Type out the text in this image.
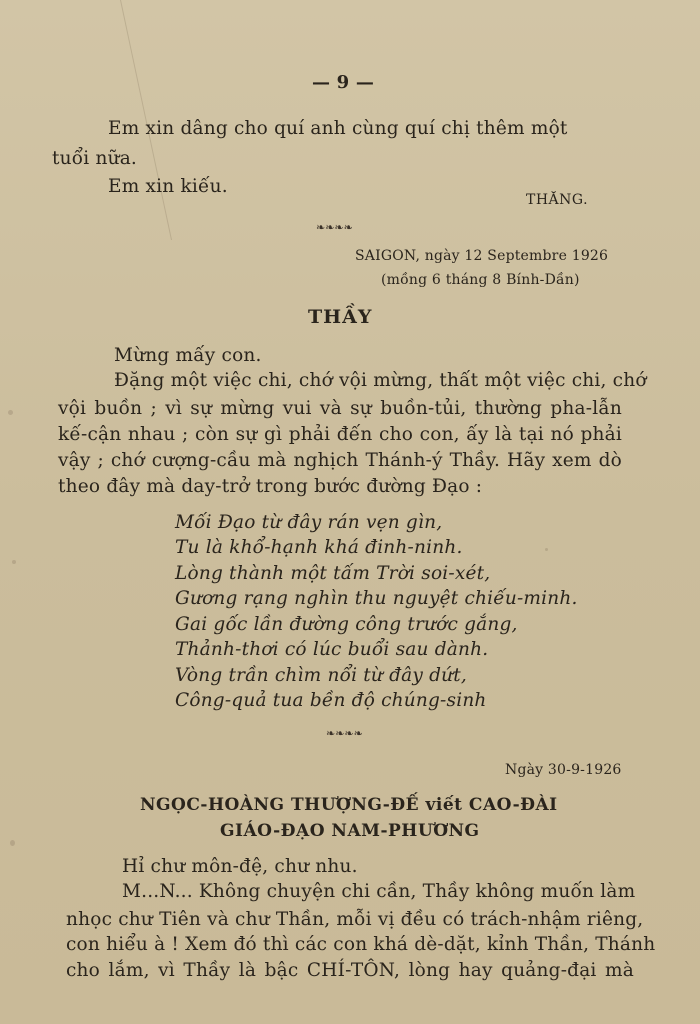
— 9 —
Em xin dâng cho quí anh cùng quí chị thêm một
tuổi nữa.
Em xin kiếu.
THĂNG.
❧❧❧❧
SAIGON, ngày 12 Septembre 1926
(mồng 6 tháng 8 Bính-Dần)
THẦY
Mừng mấy con.
Đặng một việc chi, chớ vội mừng, thất một việc chi, chớ
vội buồn ; vì sự mừng vui và sự buồn-tủi, thường pha-lẫn
kế-cận nhau ; còn sự gì phải đến cho con, ấy là tại nó phải
vậy ; chớ cượng-cầu mà nghịch Thánh-ý Thầy. Hãy xem dò
theo đây mà day-trở trong bước đường Đạo :
Mối Đạo từ đây rán vẹn gìn,
Tu là khổ-hạnh khá đinh-ninh.
Lòng thành một tấm Trời soi-xét,
Gương rạng nghìn thu nguyệt chiếu-minh.
Gai gốc lần đường công trước gắng,
Thảnh-thơi có lúc buổi sau dành.
Vòng trần chìm nổi từ đây dứt,
Công-quả tua bền độ chúng-sinh
❧❧❧❧
Ngày 30-9-1926
NGỌC-HOÀNG THƯỢNG-ĐẾ viết CAO-ĐÀI
GIÁO-ĐẠO NAM-PHƯƠNG
Hỉ chư môn-đệ, chư nhu.
M...N... Không chuyện chi cần, Thầy không muốn làm
nhọc chư Tiên và chư Thần, mỗi vị đều có trách-nhậm riêng,
con hiểu à ! Xem đó thì các con khá dè-dặt, kỉnh Thần, Thánh
cho lắm, vì Thầy là bậc CHÍ-TÔN, lòng hay quảng-đại mà
